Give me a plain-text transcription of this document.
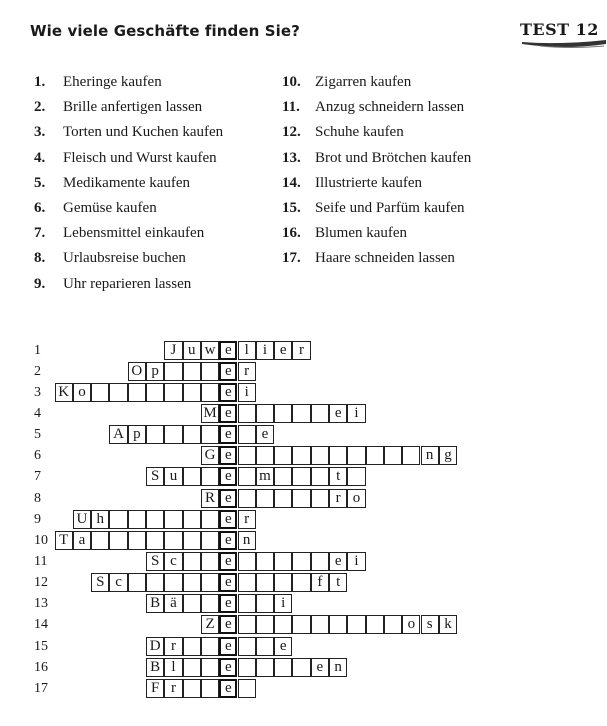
Wie viele Geschäfte finden Sie?	TEST 12
1. Eheringe kaufen
2. Brille anfertigen lassen
3. Torten und Kuchen kaufen
4. Fleisch und Wurst kaufen
5. Medikamente kaufen
6. Gemüse kaufen
7. Lebensmittel einkaufen
8. Urlaubsreise buchen
9. Uhr reparieren lassen
10. Zigarren kaufen
11. Anzug schneidern lassen
12. Schuhe kaufen
13. Brot und Brötchen kaufen
14. Illustrierte kaufen
15. Seife und Parfüm kaufen
16. Blumen kaufen
17. Haare schneiden lassen
1	J u w e l i e r
2	O p	e r
3	K o	e i
4	M e	e i
5	A p	e	e
6	G e	n g
7	S u	e	m	t
8	R e	r o
9	U h	e r
10 T a	e n
11	S c	e	e i
12	S c	e	f t
13	B ä	e	i
14	Z e	o s k
15	D r	e	e
16	B l	e	e n
17	F r	e
